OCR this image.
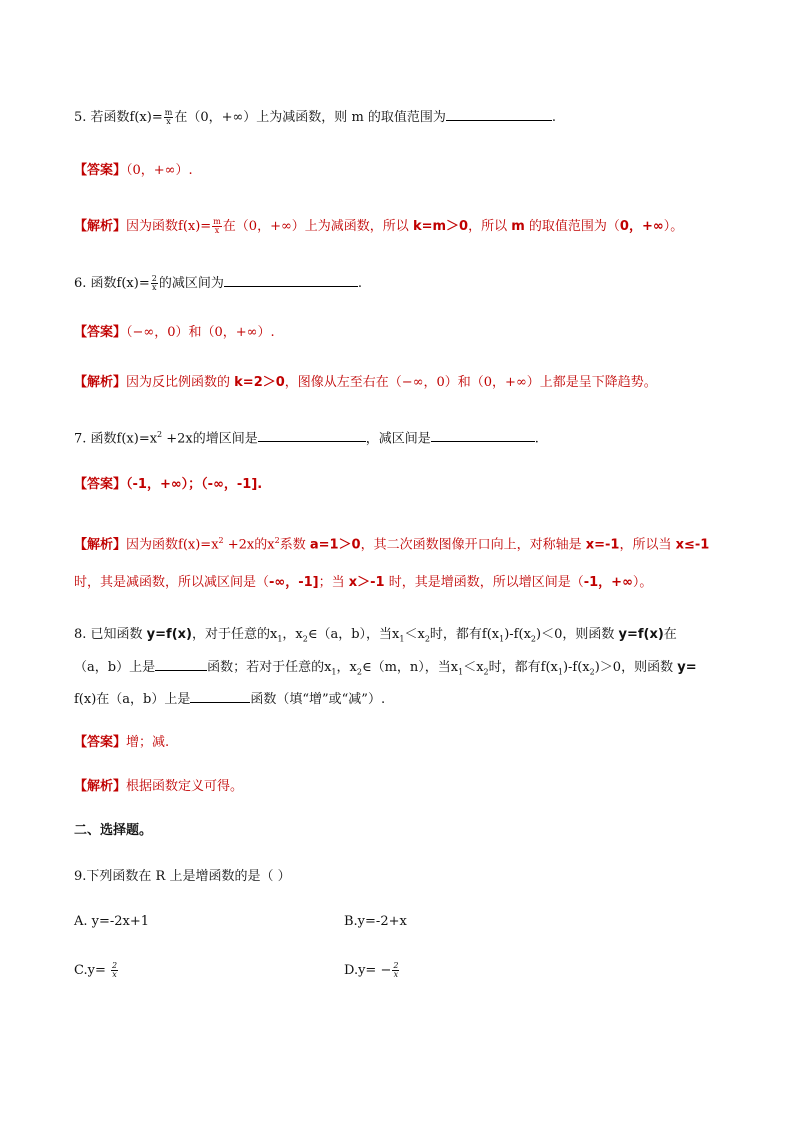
5. 若函数$f(x)= \frac{m}{x}$ 在（0，+∞）上为减函数，则 m 的取值范围为	.
【答案】（0，+∞）.
【解析】因为函数$f(x)= \frac{m}{x}$ 在（0，+∞）上为减函数，所以 k=m＞0，所以 m 的取值范围为（0，+∞）。
6. 函数$f(x)= \frac{2}{x}$ 的减区间为	.
【答案】（−∞，0）和（0，+∞）.
【解析】因为反比例函数的 k=2＞0，图像从左至右在（−∞，0）和（0，+∞）上都是呈下降趋势。
7. 函数$f(x)=x^2 +2x$的增区间是	，减区间是	.
【答案】（-1，+∞）；（-∞，-1].
【解析】因为函数$f(x)=x^2 +2x$的$x^2$系数 a=1＞0，其二次函数图像开口向上，对称轴是 x=-1，所以当 x≤-1
时，其是减函数，所以减区间是（-∞，-1]；当 x＞-1 时，其是增函数，所以增区间是（-1，+∞）。
8. 已知函数 y=f(x)，对于任意的$x_1$，$x_2\in(a$，b），当$x_1<x_2$时，都有$f(x_1)-f(x_2)<0$，则函数 y=f(x)在
（a，b）上是	函数；若对于任意的$x_1$，$x_2\in(m$，n），当$x_1<x_2$时，都有$f(x_1)-f(x_2)>0$，则函数 y=
f(x)在（a，b）上是	函数（填“增”或“减”）.
【答案】增；减.
【解析】根据函数定义可得。
二、选择题。
9.下列函数在 R 上是增函数的是（ ）
A. y=-2x+1	B.y=-2+x
$C.y= \frac{2}{x}$	$D.y= - \frac{2}{x}$
